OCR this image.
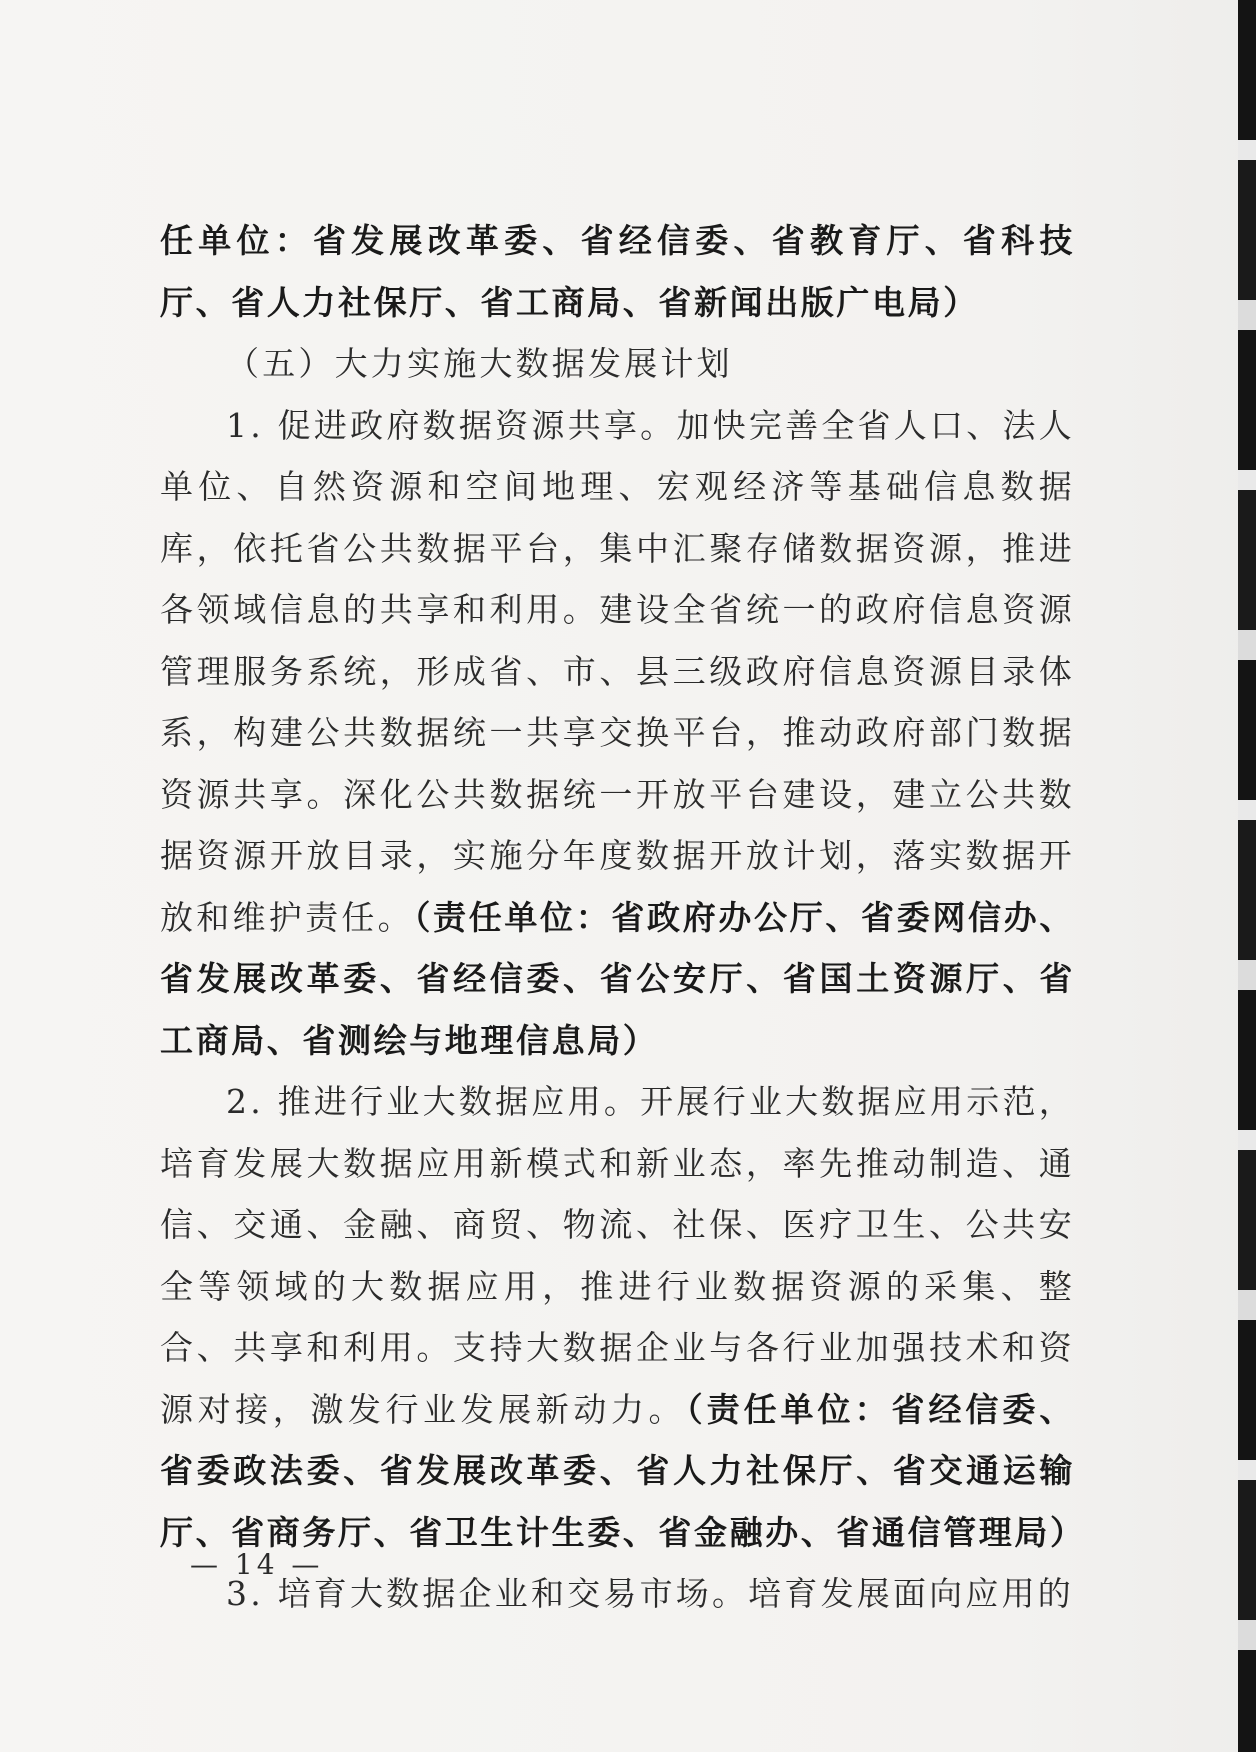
任单位：省发展改革委、省经信委、省教育厅、省科技厅、省人力社保厅、省工商局、省新闻出版广电局）

（五）大力实施大数据发展计划

1. 促进政府数据资源共享。加快完善全省人口、法人单位、自然资源和空间地理、宏观经济等基础信息数据库，依托省公共数据平台，集中汇聚存储数据资源，推进各领域信息的共享和利用。建设全省统一的政府信息资源管理服务系统，形成省、市、县三级政府信息资源目录体系，构建公共数据统一共享交换平台，推动政府部门数据资源共享。深化公共数据统一开放平台建设，建立公共数据资源开放目录，实施分年度数据开放计划，落实数据开放和维护责任。（责任单位：省政府办公厅、省委网信办、省发展改革委、省经信委、省公安厅、省国土资源厅、省工商局、省测绘与地理信息局）

2. 推进行业大数据应用。开展行业大数据应用示范，培育发展大数据应用新模式和新业态，率先推动制造、通信、交通、金融、商贸、物流、社保、医疗卫生、公共安全等领域的大数据应用，推进行业数据资源的采集、整合、共享和利用。支持大数据企业与各行业加强技术和资源对接，激发行业发展新动力。（责任单位：省经信委、省委政法委、省发展改革委、省人力社保厅、省交通运输厅、省商务厅、省卫生计生委、省金融办、省通信管理局）

3. 培育大数据企业和交易市场。培育发展面向应用的

— 14 —
